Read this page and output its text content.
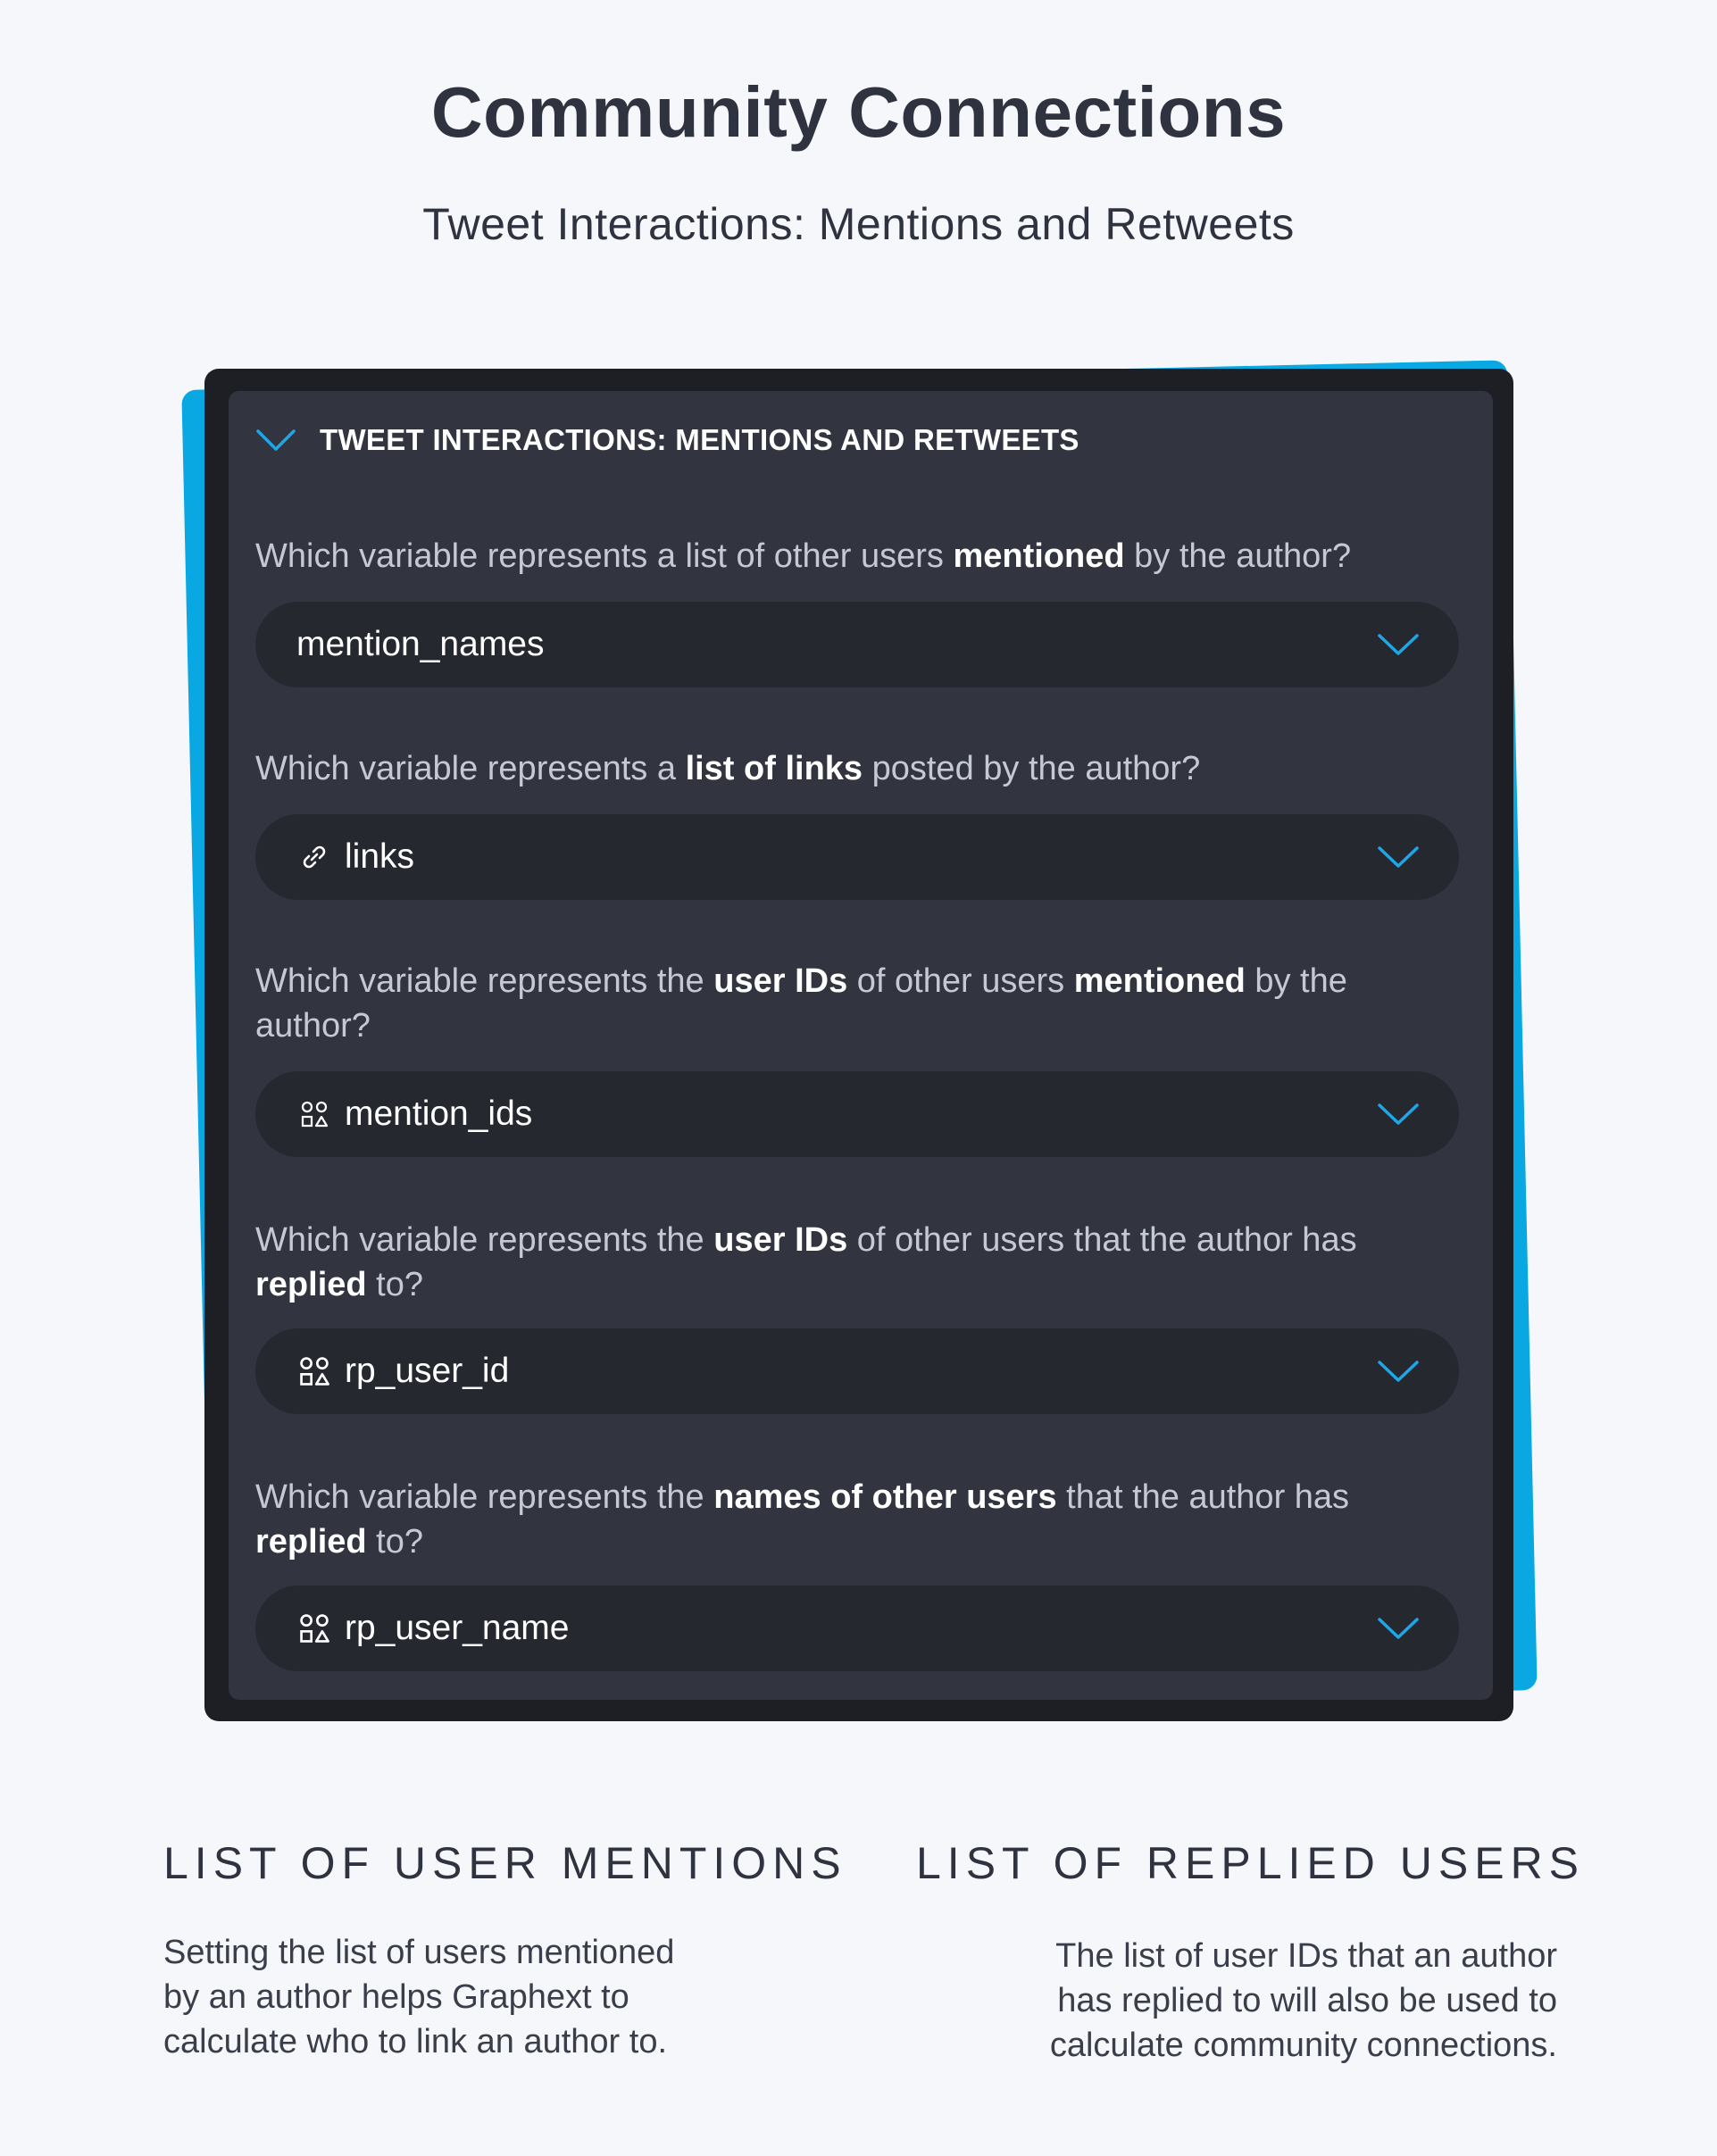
Community Connections
Tweet Interactions: Mentions and Retweets
TWEET INTERACTIONS: MENTIONS AND RETWEETS
Which variable represents a list of other users mentioned by the author?
mention_names
Which variable represents a list of links posted by the author?
links
Which variable represents the user IDs of other users mentioned by the author?
mention_ids
Which variable represents the user IDs of other users that the author has replied to?
rp_user_id
Which variable represents the names of other users that the author has replied to?
rp_user_name
LIST OF USER MENTIONS
Setting the list of users mentioned
by an author helps Graphext to
calculate who to link an author to.
LIST OF REPLIED USERS
The list of user IDs that an author
has replied to will also be used to
calculate community connections.
